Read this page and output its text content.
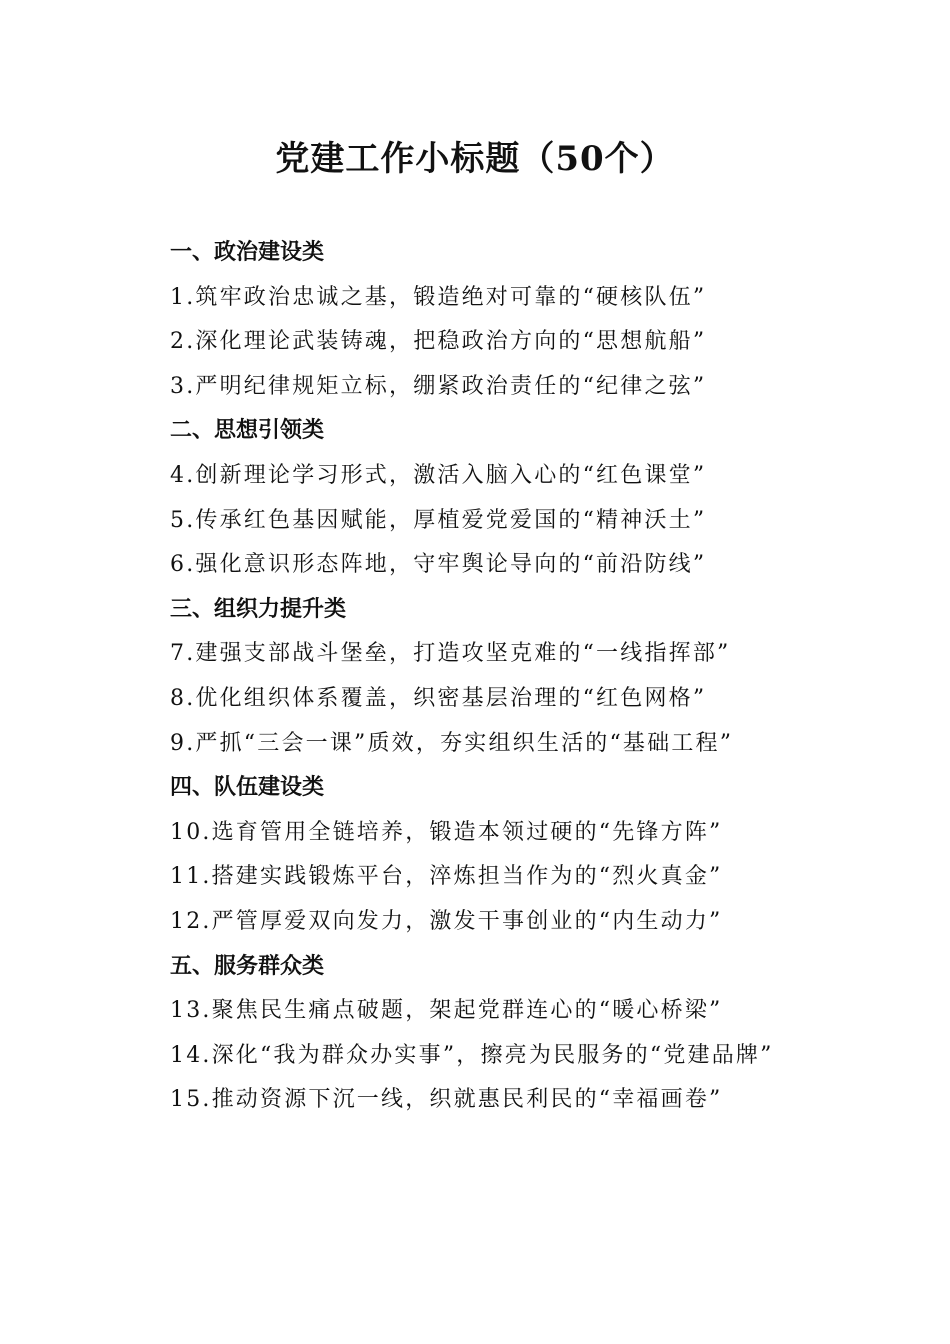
党建工作小标题（50个）
一、政治建设类
1.筑牢政治忠诚之基，锻造绝对可靠的“硬核队伍”
2.深化理论武装铸魂，把稳政治方向的“思想航船”
3.严明纪律规矩立标，绷紧政治责任的“纪律之弦”
二、思想引领类
4.创新理论学习形式，激活入脑入心的“红色课堂”
5.传承红色基因赋能，厚植爱党爱国的“精神沃土”
6.强化意识形态阵地，守牢舆论导向的“前沿防线”
三、组织力提升类
7.建强支部战斗堡垒，打造攻坚克难的“一线指挥部”
8.优化组织体系覆盖，织密基层治理的“红色网格”
9.严抓“三会一课”质效，夯实组织生活的“基础工程”
四、队伍建设类
10.选育管用全链培养，锻造本领过硬的“先锋方阵”
11.搭建实践锻炼平台，淬炼担当作为的“烈火真金”
12.严管厚爱双向发力，激发干事创业的“内生动力”
五、服务群众类
13.聚焦民生痛点破题，架起党群连心的“暖心桥梁”
14.深化“我为群众办实事”，擦亮为民服务的“党建品牌”
15.推动资源下沉一线，织就惠民利民的“幸福画卷”
